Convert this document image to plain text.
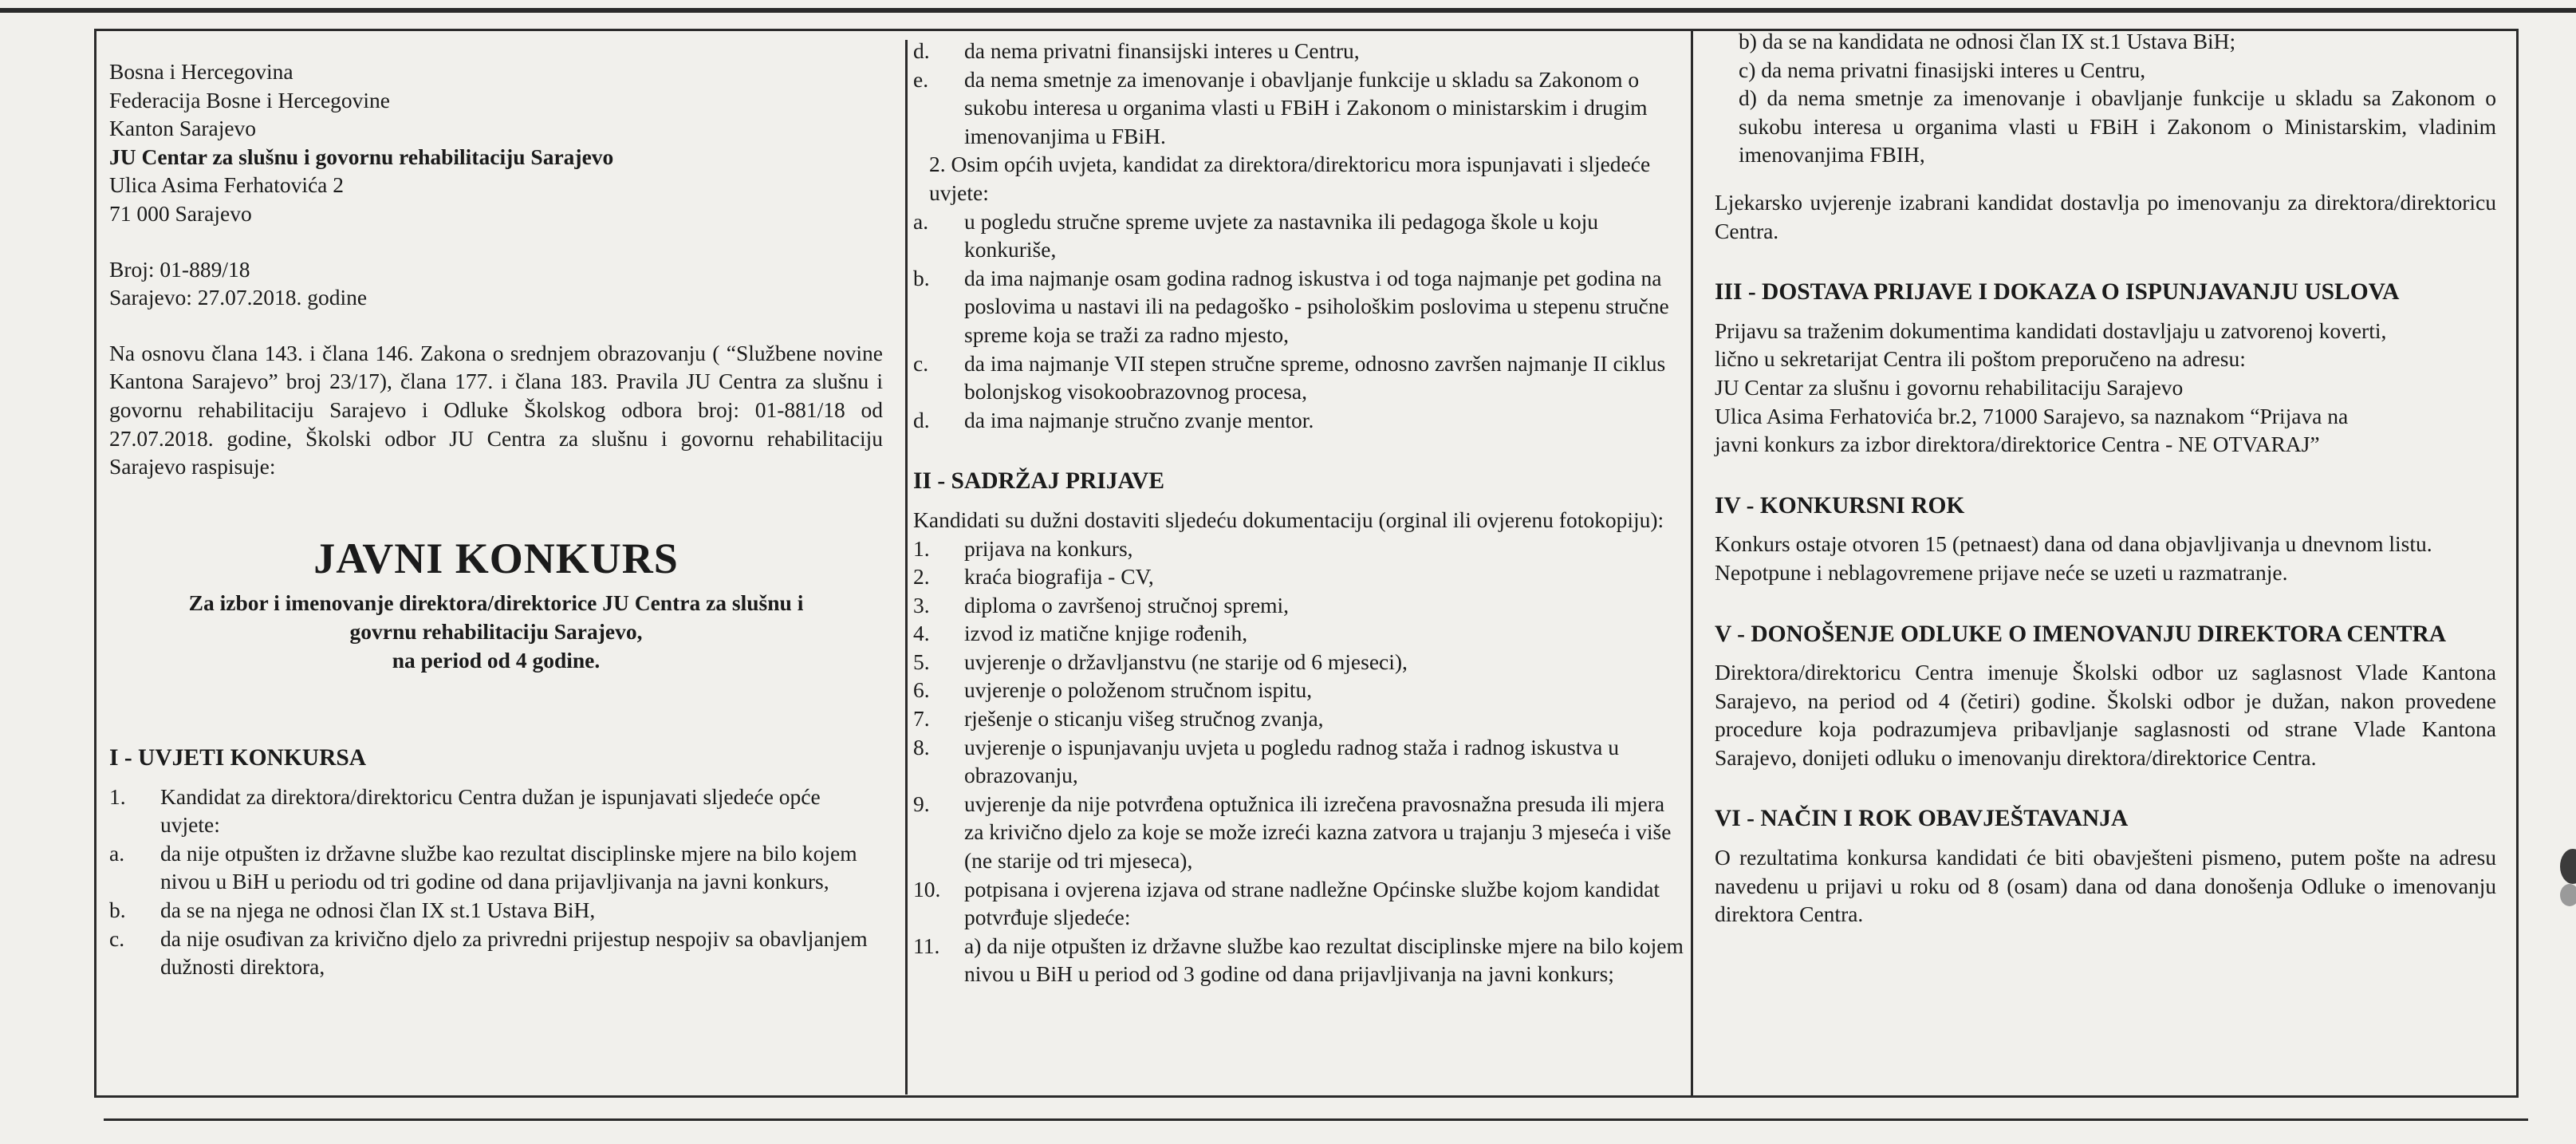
Bosna i Hercegovina
Federacija Bosne i Hercegovine
Kanton Sarajevo
JU Centar za slušnu i govornu rehabilitaciju Sarajevo
Ulica Asima Ferhatovića 2
71 000 Sarajevo
Broj: 01-889/18
Sarajevo: 27.07.2018. godine
Na osnovu člana 143. i člana 146. Zakona o srednjem obrazovanju ( “Službene novine Kantona Sarajevo” broj 23/17), člana 177. i člana 183. Pravila JU Centra za slušnu i govornu rehabilitaciju Sarajevo i Odluke Školskog odbora broj: 01-881/18 od 27.07.2018. godine, Školski odbor JU Centra za slušnu i govornu rehabilitaciju Sarajevo raspisuje:
JAVNI KONKURS
Za izbor i imenovanje direktora/direktorice JU Centra za slušnu i
govrnu rehabilitaciju Sarajevo,
na period od 4 godine.
I - UVJETI KONKURSA
1.	Kandidat za direktora/direktoricu Centra dužan je ispunjavati sljedeće opće uvjete:
a.	da nije otpušten iz državne službe kao rezultat disciplinske mjere na bilo kojem nivou u BiH u periodu od tri godine od dana prijavljivanja na javni konkurs,
b.	da se na njega ne odnosi član IX st.1 Ustava BiH,
c.	da nije osuđivan za krivično djelo za privredni prijestup nespojiv sa obavljanjem dužnosti direktora,
d.	da nema privatni finansijski interes u Centru,
e.	da nema smetnje za imenovanje i obavljanje funkcije u skladu sa Zakonom o sukobu interesa u organima vlasti u FBiH i Zakonom o ministarskim i drugim imenovanjima u FBiH.
2. Osim općih uvjeta, kandidat za direktora/direktoricu mora ispunjavati i sljedeće uvjete:
a.	u pogledu stručne spreme uvjete za nastavnika ili pedagoga škole u koju konkuriše,
b.	da ima najmanje osam godina radnog iskustva i od toga najmanje pet godina na poslovima u nastavi ili na pedagoško - psihološkim poslovima u stepenu stručne spreme koja se traži za radno mjesto,
c.	da ima najmanje VII stepen stručne spreme, odnosno završen najmanje II ciklus bolonjskog visokoobrazovnog procesa,
d.	da ima najmanje stručno zvanje mentor.
II - SADRŽAJ PRIJAVE
Kandidati su dužni dostaviti sljedeću dokumentaciju (orginal ili ovjerenu fotokopiju):
1.	prijava na konkurs,
2.	kraća biografija - CV,
3.	diploma o završenoj stručnoj spremi,
4.	izvod iz matične knjige rođenih,
5.	uvjerenje o državljanstvu (ne starije od 6 mjeseci),
6.	uvjerenje o položenom stručnom ispitu,
7.	rješenje o sticanju višeg stručnog zvanja,
8.	uvjerenje o ispunjavanju uvjeta u pogledu radnog staža i radnog iskustva u obrazovanju,
9.	uvjerenje da nije potvrđena optužnica ili izrečena pravosnažna presuda ili mjera za krivično djelo za koje se može izreći kazna zatvora u trajanju 3 mjeseća i više (ne starije od tri mjeseca),
10.	potpisana i ovjerena izjava od strane nadležne Općinske službe kojom kandidat potvrđuje sljedeće:
11.	a) da nije otpušten iz državne službe kao rezultat disciplinske mjere na bilo kojem nivou u BiH u period od 3 godine od dana prijavljivanja na javni konkurs;
b) da se na kandidata ne odnosi član IX st.1 Ustava BiH;
c) da nema privatni finasijski interes u Centru,
d) da nema smetnje za imenovanje i obavljanje funkcije u skladu sa Zakonom o sukobu interesa u organima vlasti u FBiH i Zakonom o Ministarskim, vladinim imenovanjima FBIH,
Ljekarsko uvjerenje izabrani kandidat dostavlja po imenovanju za direktora/direktoricu Centra.
III - DOSTAVA PRIJAVE I DOKAZA O ISPUNJAVANJU USLOVA
Prijavu sa traženim dokumentima kandidati dostavljaju u zatvorenoj koverti,
lično u sekretarijat Centra ili poštom preporučeno na adresu:
JU Centar za slušnu i govornu rehabilitaciju Sarajevo
Ulica Asima Ferhatovića br.2, 71000 Sarajevo, sa naznakom “Prijava na
javni konkurs za izbor direktora/direktorice Centra - NE OTVARAJ”
IV - KONKURSNI ROK
Konkurs ostaje otvoren 15 (petnaest) dana od dana objavljivanja u dnevnom listu.
Nepotpune i neblagovremene prijave neće se uzeti u razmatranje.
V - DONOŠENJE ODLUKE O IMENOVANJU DIREKTORA CENTRA
Direktora/direktoricu Centra imenuje Školski odbor uz saglasnost Vlade Kantona Sarajevo, na period od 4 (četiri) godine. Školski odbor je dužan, nakon provedene procedure koja podrazumjeva pribavljanje saglasnosti od strane Vlade Kantona Sarajevo, donijeti odluku o imenovanju direktora/direktorice Centra.
VI - NAČIN I ROK OBAVJEŠTAVANJA
O rezultatima konkursa kandidati će biti obavješteni pismeno, putem pošte na adresu navedenu u prijavi u roku od 8 (osam) dana od dana donošenja Odluke o imenovanju direktora Centra.
